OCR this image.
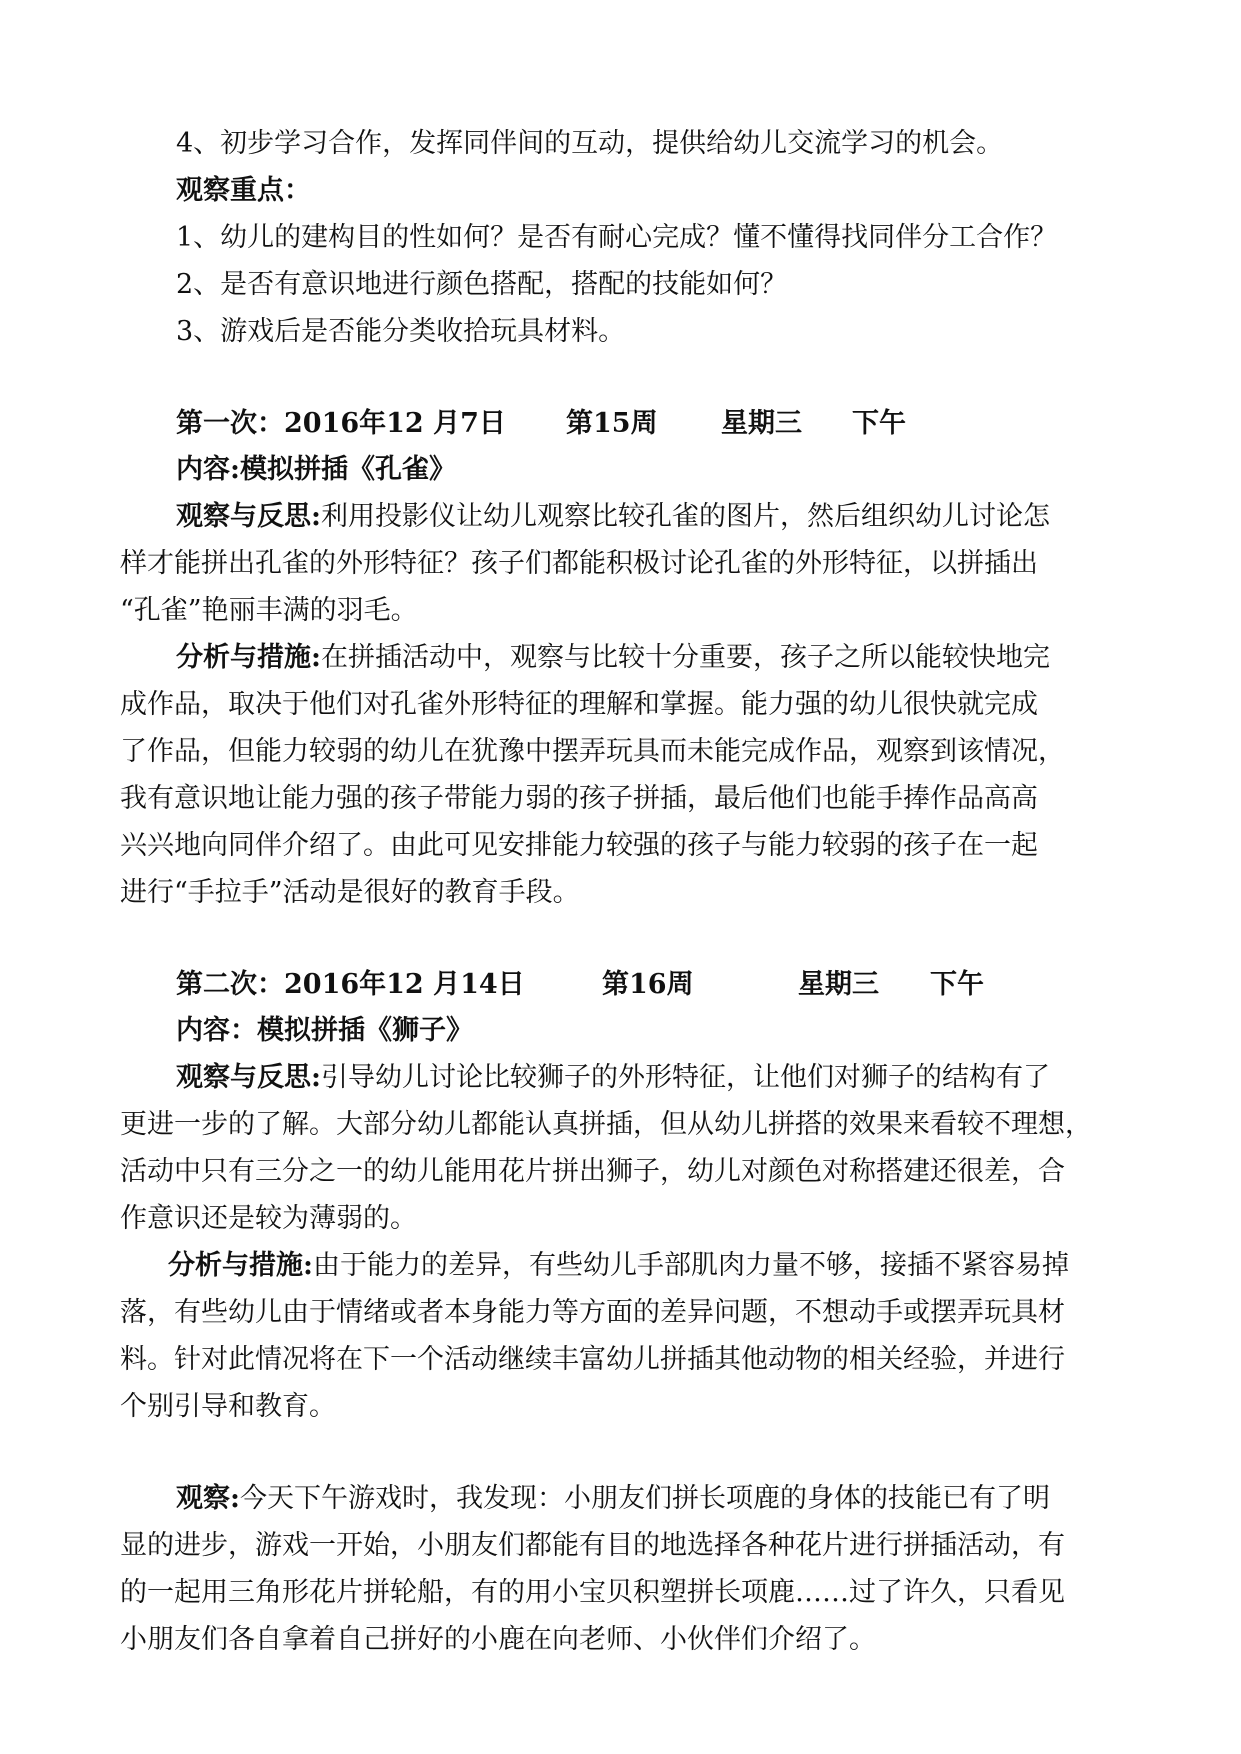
4、初步学习合作，发挥同伴间的互动，提供给幼儿交流学习的机会。
观察重点：
1、幼儿的建构目的性如何？是否有耐心完成？懂不懂得找同伴分工合作？
2、是否有意识地进行颜色搭配，搭配的技能如何？
3、游戏后是否能分类收拾玩具材料。
第一次： 2016年12 月7日 第15周 星期三 下午
内容:模拟拼插《孔雀》
观察与反思:利用投影仪让幼儿观察比较孔雀的图片，然后组织幼儿讨论怎
样才能拼出孔雀的外形特征？孩子们都能积极讨论孔雀的外形特征，以拼插出
“孔雀”艳丽丰满的羽毛。
分析与措施:在拼插活动中，观察与比较十分重要，孩子之所以能较快地完
成作品，取决于他们对孔雀外形特征的理解和掌握。能力强的幼儿很快就完成
了作品，但能力较弱的幼儿在犹豫中摆弄玩具而未能完成作品，观察到该情况，
我有意识地让能力强的孩子带能力弱的孩子拼插，最后他们也能手捧作品高高
兴兴地向同伴介绍了。由此可见安排能力较强的孩子与能力较弱的孩子在一起
进行“手拉手”活动是很好的教育手段。
第二次： 2016年12 月14日	第16周	星期三 下午
内容：模拟拼插《狮子》
观察与反思:引导幼儿讨论比较狮子的外形特征，让他们对狮子的结构有了
更进一步的了解。大部分幼儿都能认真拼插，但从幼儿拼搭的效果来看较不理想，
活动中只有三分之一的幼儿能用花片拼出狮子，幼儿对颜色对称搭建还很差，合
作意识还是较为薄弱的。
分析与措施:由于能力的差异，有些幼儿手部肌肉力量不够，接插不紧容易掉
落，有些幼儿由于情绪或者本身能力等方面的差异问题，不想动手或摆弄玩具材
料。针对此情况将在下一个活动继续丰富幼儿拼插其他动物的相关经验，并进行
个别引导和教育。
观察:今天下午游戏时，我发现：小朋友们拼长项鹿的身体的技能已有了明
显的进步，游戏一开始，小朋友们都能有目的地选择各种花片进行拼插活动，有
的一起用三角形花片拼轮船，有的用小宝贝积塑拼长项鹿……过了许久，只看见
小朋友们各自拿着自己拼好的小鹿在向老师、小伙伴们介绍了。
